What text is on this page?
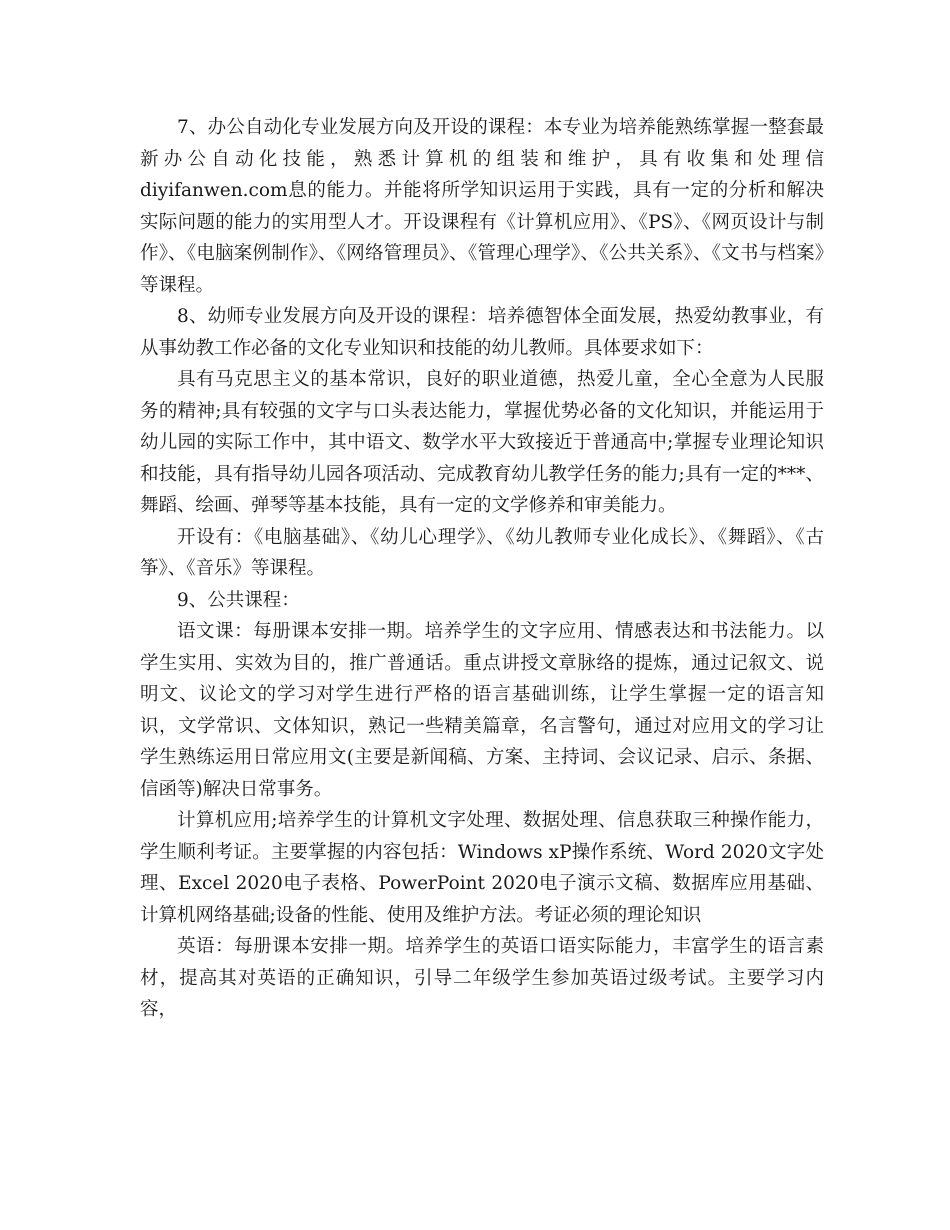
7、办公自动化专业发展方向及开设的课程：本专业为培养能熟练掌握一整套最新办公自动化技能，熟悉计算机的组装和维护，具有收集和处理信diyifanwen.com息的能力。并能将所学知识运用于实践，具有一定的分析和解决实际问题的能力的实用型人才。开设课程有《计算机应用》、《PS》、《网页设计与制作》、《电脑案例制作》、《网络管理员》、《管理心理学》、《公共关系》、《文书与档案》等课程。

8、幼师专业发展方向及开设的课程：培养德智体全面发展，热爱幼教事业，有从事幼教工作必备的文化专业知识和技能的幼儿教师。具体要求如下：

具有马克思主义的基本常识，良好的职业道德，热爱儿童，全心全意为人民服务的精神;具有较强的文字与口头表达能力，掌握优势必备的文化知识，并能运用于幼儿园的实际工作中，其中语文、数学水平大致接近于普通高中;掌握专业理论知识和技能，具有指导幼儿园各项活动、完成教育幼儿教学任务的能力;具有一定的***、舞蹈、绘画、弹琴等基本技能，具有一定的文学修养和审美能力。

开设有：《电脑基础》、《幼儿心理学》、《幼儿教师专业化成长》、《舞蹈》、《古筝》、《音乐》等课程。

9、公共课程：

语文课：每册课本安排一期。培养学生的文字应用、情感表达和书法能力。以学生实用、实效为目的，推广普通话。重点讲授文章脉络的提炼，通过记叙文、说明文、议论文的学习对学生进行严格的语言基础训练，让学生掌握一定的语言知识，文学常识、文体知识，熟记一些精美篇章，名言警句，通过对应用文的学习让学生熟练运用日常应用文(主要是新闻稿、方案、主持词、会议记录、启示、条据、信函等)解决日常事务。

计算机应用;培养学生的计算机文字处理、数据处理、信息获取三种操作能力，学生顺利考证。主要掌握的内容包括：Windows xP操作系统、Word 2020文字处理、Excel 2020电子表格、PowerPoint 2020电子演示文稿、数据库应用基础、计算机网络基础;设备的性能、使用及维护方法。考证必须的理论知识

英语：每册课本安排一期。培养学生的英语口语实际能力，丰富学生的语言素材，提高其对英语的正确知识，引导二年级学生参加英语过级考试。主要学习内容，
